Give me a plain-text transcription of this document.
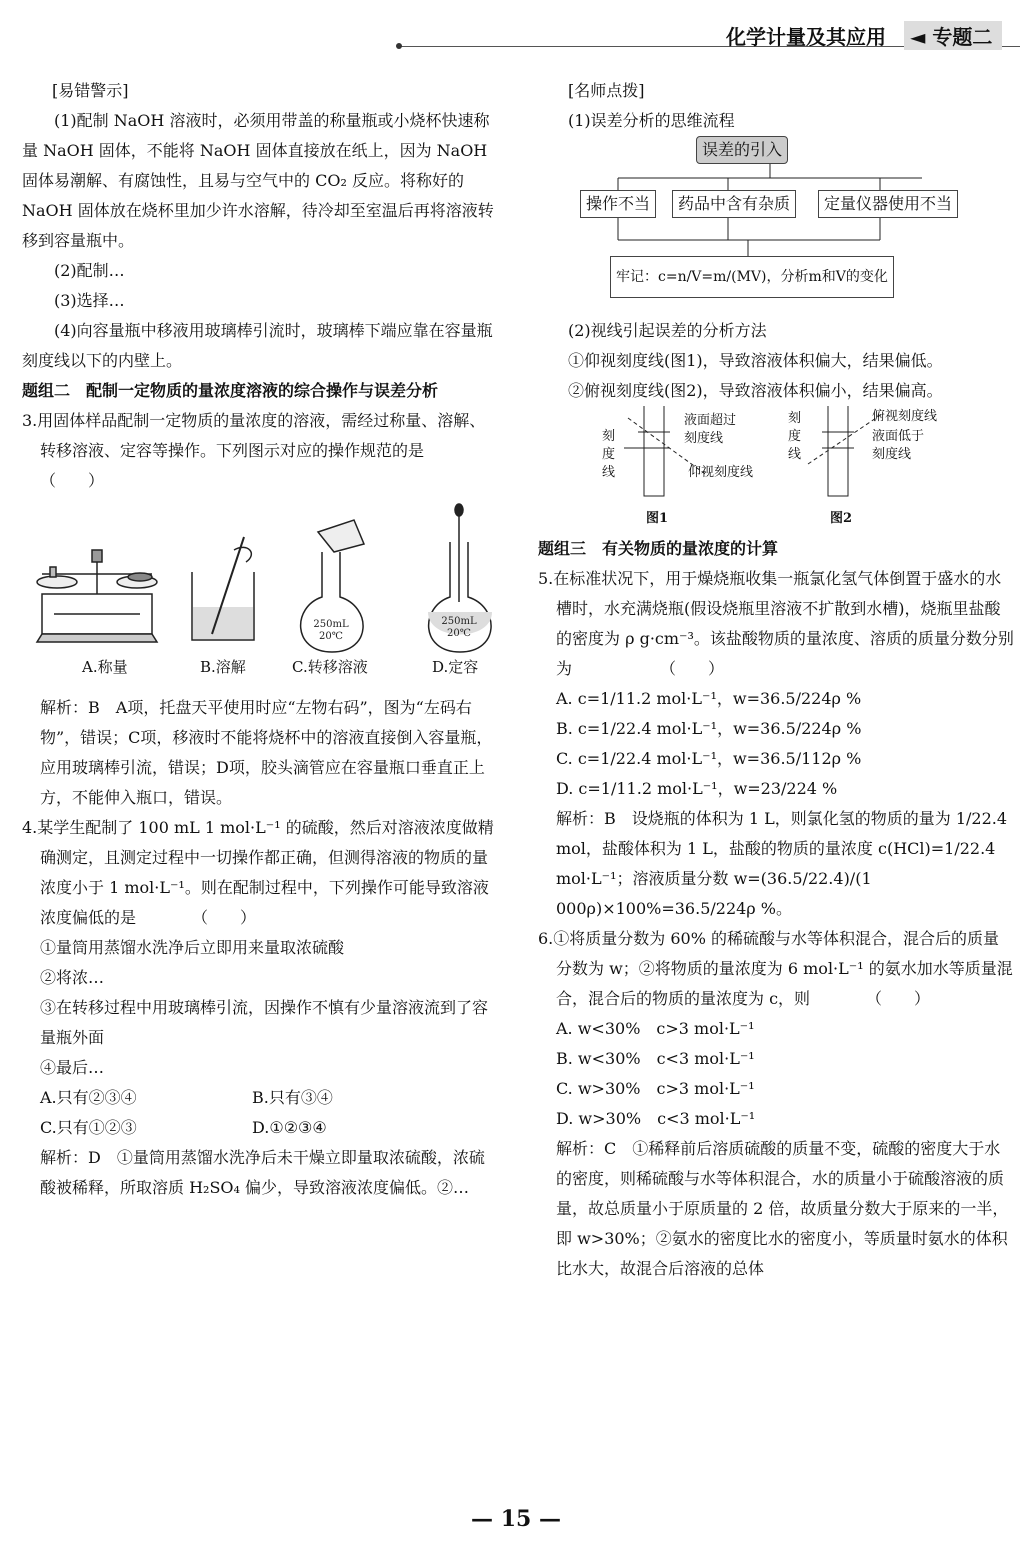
化学计量及其应用	◄ 专题二

[易错警示]

(1)配制 NaOH 溶液时，必须用带盖的称量瓶或小烧杯快速称量 NaOH 固体，不能将 NaOH 固体直接放在纸上，因为 NaOH 固体易潮解、有腐蚀性，且易与空气中的 CO₂ 反应。将称好的 NaOH 固体放在烧杯里加少许水溶解，待冷却至室温后再将溶液转移到容量瓶中。

(2)配制…

(3)选择…

(4)向容量瓶中移液用玻璃棒引流时，玻璃棒下端应靠在容量瓶刻度线以下的内壁上。

题组二　配制一定物质的量浓度溶液的综合操作与误差分析

3.用固体样品配制一定物质的量浓度的溶液，需经过称量、溶解、转移溶液、定容等操作。下列图示对应的操作规范的是　　　　　　　　　　　（　　）

250mL
20℃
250mL
20℃
A.称量	B.溶解	C.转移溶液	D.定容

解析：B　A项，托盘天平使用时应“左物右码”，图为“左码右物”，错误；C项，移液时不能将烧杯中的溶液直接倒入容量瓶，应用玻璃棒引流，错误；D项，胶头滴管应在容量瓶口垂直正上方，不能伸入瓶口，错误。

4.某学生配制了 100 mL 1 mol·L⁻¹ 的硫酸，然后对溶液浓度做精确测定，且测定过程中一切操作都正确，但测得溶液的物质的量浓度小于 1 mol·L⁻¹。则在配制过程中，下列操作可能导致溶液浓度偏低的是　　　　（　　）

①量筒用蒸馏水洗净后立即用来量取浓硫酸

②将浓…

③在转移过程中用玻璃棒引流，因操作不慎有少量溶液流到了容量瓶外面

④最后…

A.只有②③④	B.只有③④

C.只有①②③	D.①②③④

解析：D　①量筒用蒸馏水洗净后未干燥立即量取浓硫酸，浓硫酸被稀释，所取溶质 H₂SO₄ 偏少，导致溶液浓度偏低。②…

[名师点拨]

(1)误差分析的思维流程

误差的引入
操作不当	药品中含有杂质	定量仪器使用不当
牢记：c=n/V=m/(MV)，分析m和V的变化

(2)视线引起误差的分析方法

①仰视刻度线(图1)，导致溶液体积偏大，结果偏低。

②俯视刻度线(图2)，导致溶液体积偏小，结果偏高。

刻
度
线
液面超过
刻度线
仰视刻度线
图1
刻
度
线
俯视刻度线
液面低于
刻度线
图2

题组三　有关物质的量浓度的计算

5.在标准状况下，用于燥烧瓶收集一瓶氯化氢气体倒置于盛水的水槽时，水充满烧瓶(假设烧瓶里溶液不扩散到水槽)，烧瓶里盐酸的密度为 ρ g·cm⁻³。该盐酸物质的量浓度、溶质的质量分数分别为　　　　　　（　　）

A. c=1/11.2 mol·L⁻¹，w=36.5/224ρ %

B. c=1/22.4 mol·L⁻¹，w=36.5/224ρ %

C. c=1/22.4 mol·L⁻¹，w=36.5/112ρ %

D. c=1/11.2 mol·L⁻¹，w=23/224 %

解析：B　设烧瓶的体积为 1 L，则氯化氢的物质的量为 1/22.4 mol，盐酸体积为 1 L，盐酸的物质的量浓度 c(HCl)=1/22.4 mol·L⁻¹；溶液质量分数 w=(36.5/22.4)/(1 000ρ)×100%=36.5/224ρ %。

6.①将质量分数为 60% 的稀硫酸与水等体积混合，混合后的质量分数为 w；②将物质的量浓度为 6 mol·L⁻¹ 的氨水加水等质量混合，混合后的物质的量浓度为 c，则　　　　（　　）

A. w<30%　c>3 mol·L⁻¹

B. w<30%　c<3 mol·L⁻¹

C. w>30%　c>3 mol·L⁻¹

D. w>30%　c<3 mol·L⁻¹

解析：C　①稀释前后溶质硫酸的质量不变，硫酸的密度大于水的密度，则稀硫酸与水等体积混合，水的质量小于硫酸溶液的质量，故总质量小于原质量的 2 倍，故质量分数大于原来的一半，即 w>30%；②氨水的密度比水的密度小，等质量时氨水的体积比水大，故混合后溶液的总体

— 15 —
